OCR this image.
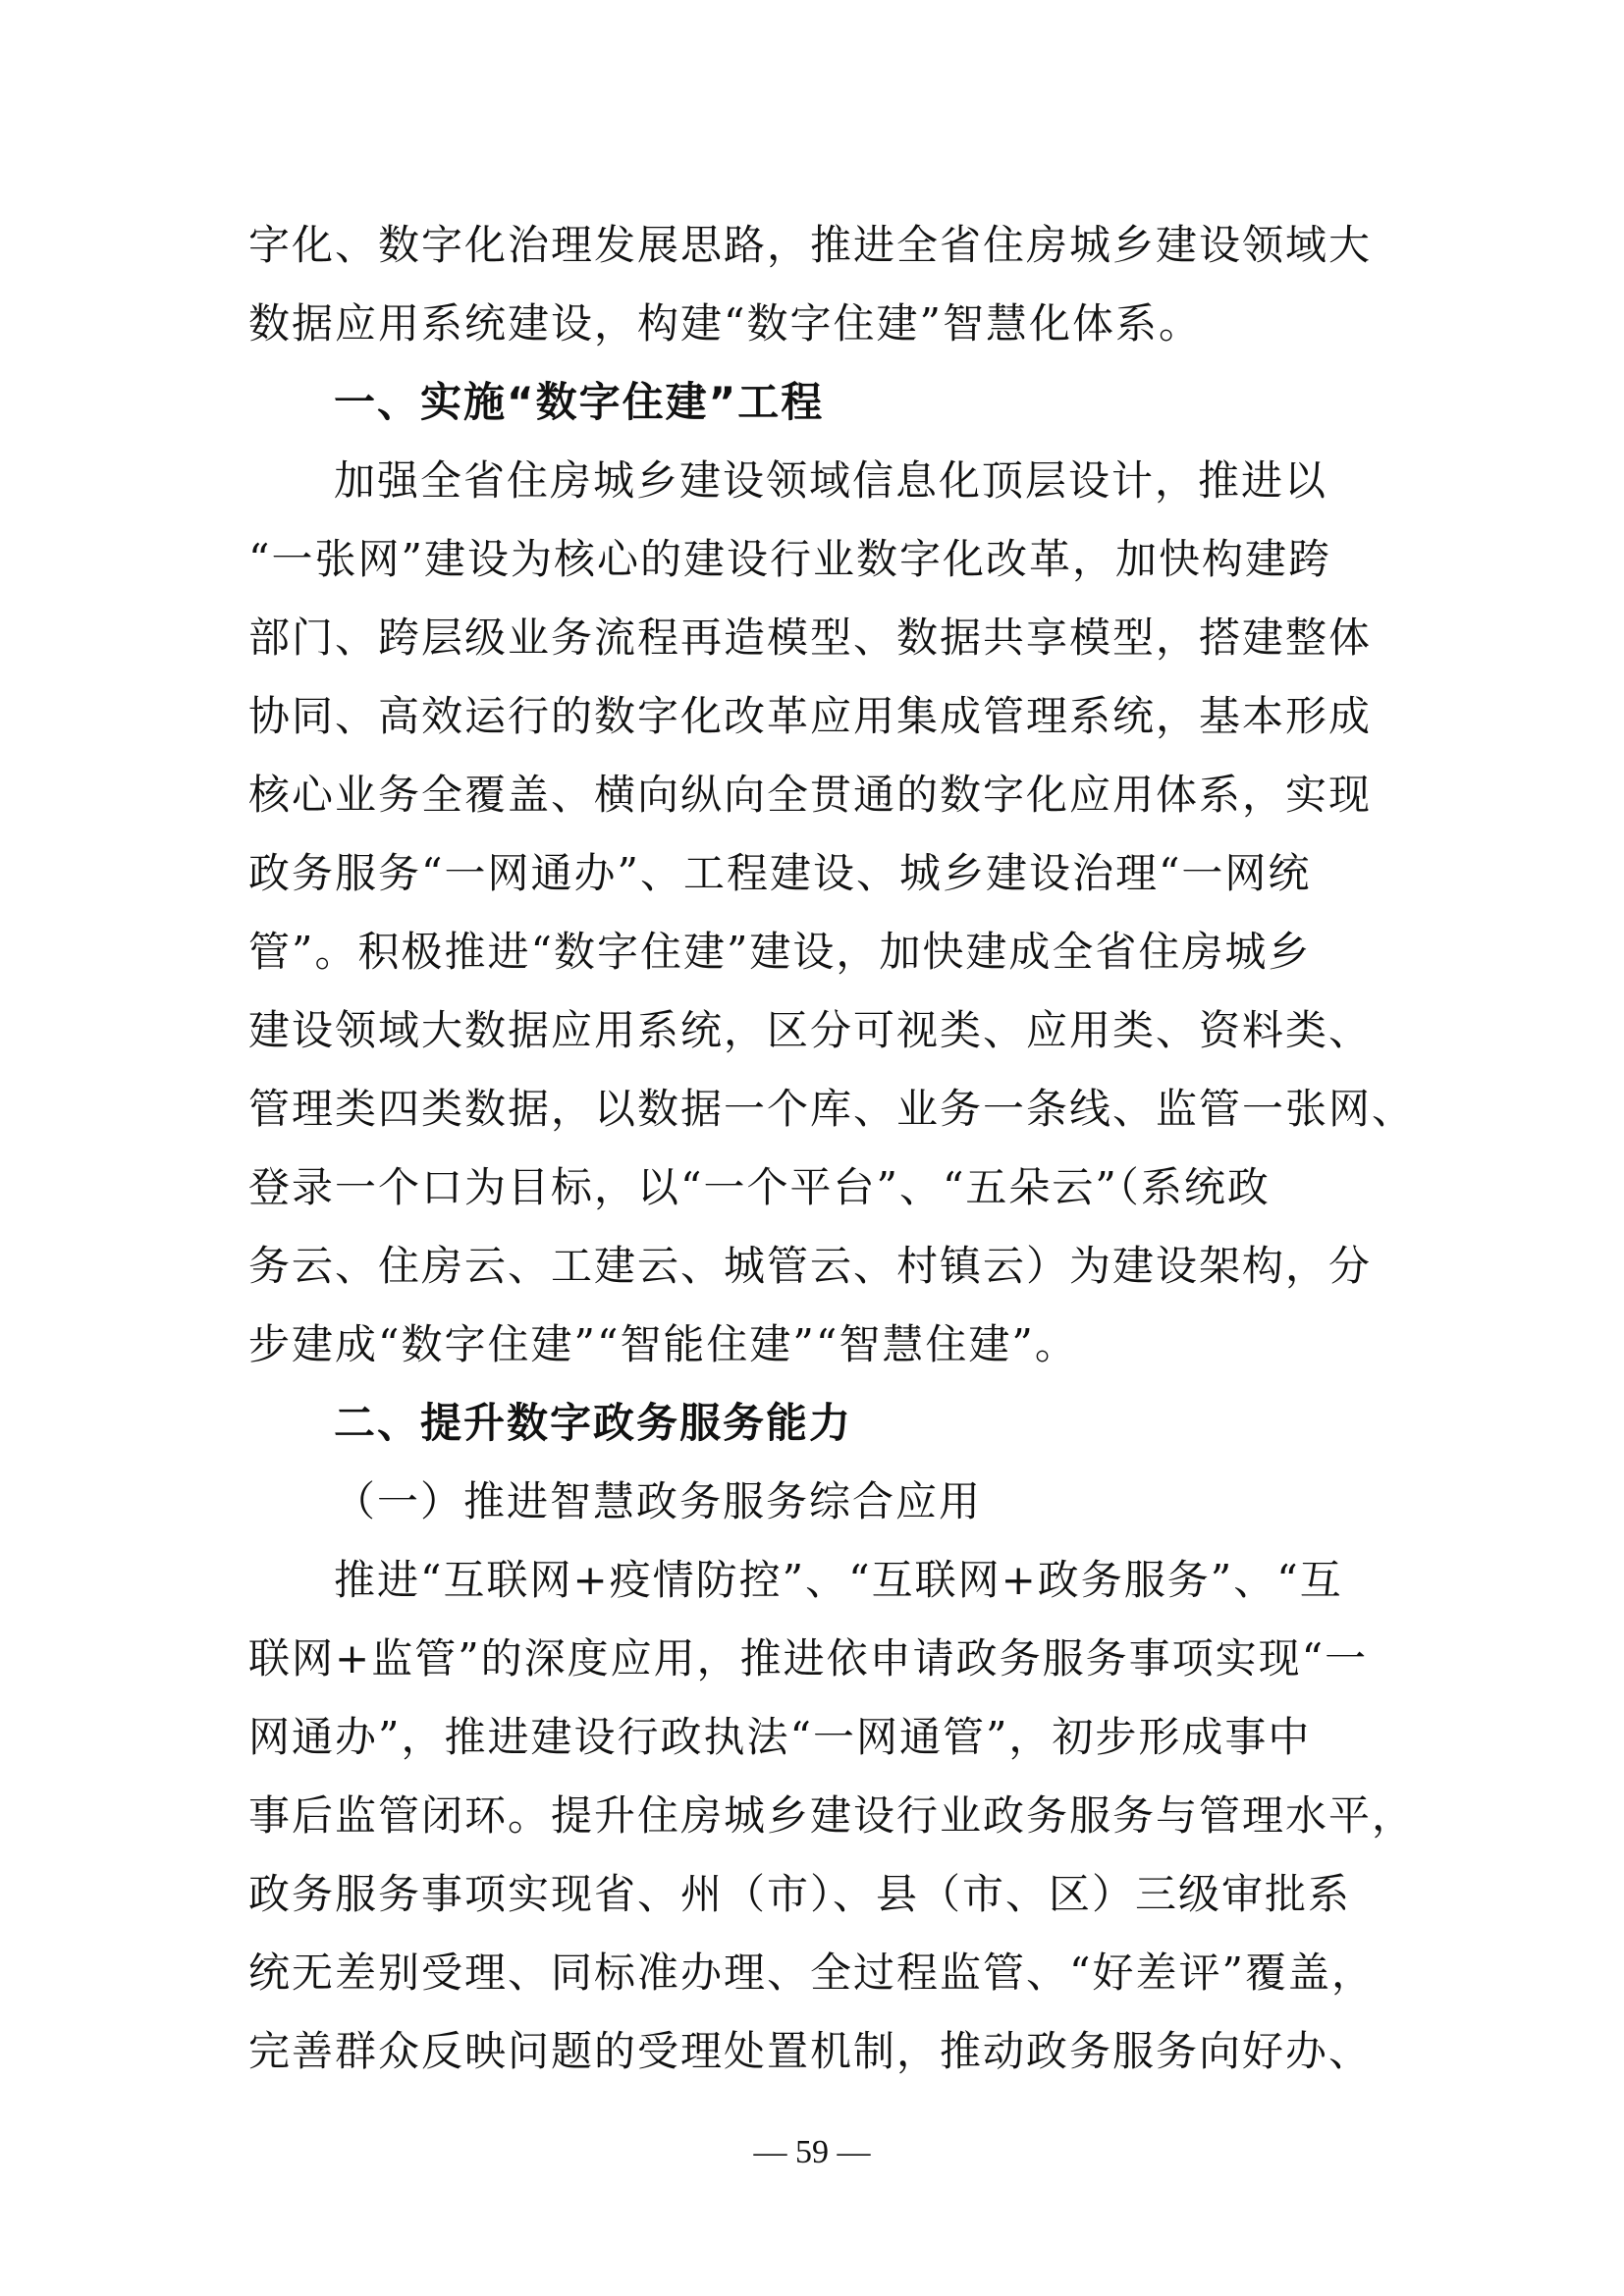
字化、数字化治理发展思路，推进全省住房城乡建设领域大
数据应用系统建设，构建“数字住建”智慧化体系。
一、实施“数字住建”工程
加强全省住房城乡建设领域信息化顶层设计，推进以
“一张网”建设为核心的建设行业数字化改革，加快构建跨
部门、跨层级业务流程再造模型、数据共享模型，搭建整体
协同、高效运行的数字化改革应用集成管理系统，基本形成
核心业务全覆盖、横向纵向全贯通的数字化应用体系，实现
政务服务“一网通办”、工程建设、城乡建设治理“一网统
管”。积极推进“数字住建”建设，加快建成全省住房城乡
建设领域大数据应用系统，区分可视类、应用类、资料类、
管理类四类数据，以数据一个库、业务一条线、监管一张网、
登录一个口为目标，以“一个平台”、“五朵云”（系统政
务云、住房云、工建云、城管云、村镇云）为建设架构，分
步建成“数字住建”“智能住建”“智慧住建”。
二、提升数字政务服务能力
（一）推进智慧政务服务综合应用
推进“互联网+疫情防控”、“互联网+政务服务”、“互
联网+监管”的深度应用，推进依申请政务服务事项实现“一
网通办”，推进建设行政执法“一网通管”，初步形成事中
事后监管闭环。提升住房城乡建设行业政务服务与管理水平，
政务服务事项实现省、州（市）、县（市、区）三级审批系
统无差别受理、同标准办理、全过程监管、“好差评”覆盖，
完善群众反映问题的受理处置机制，推动政务服务向好办、
— 59 —
